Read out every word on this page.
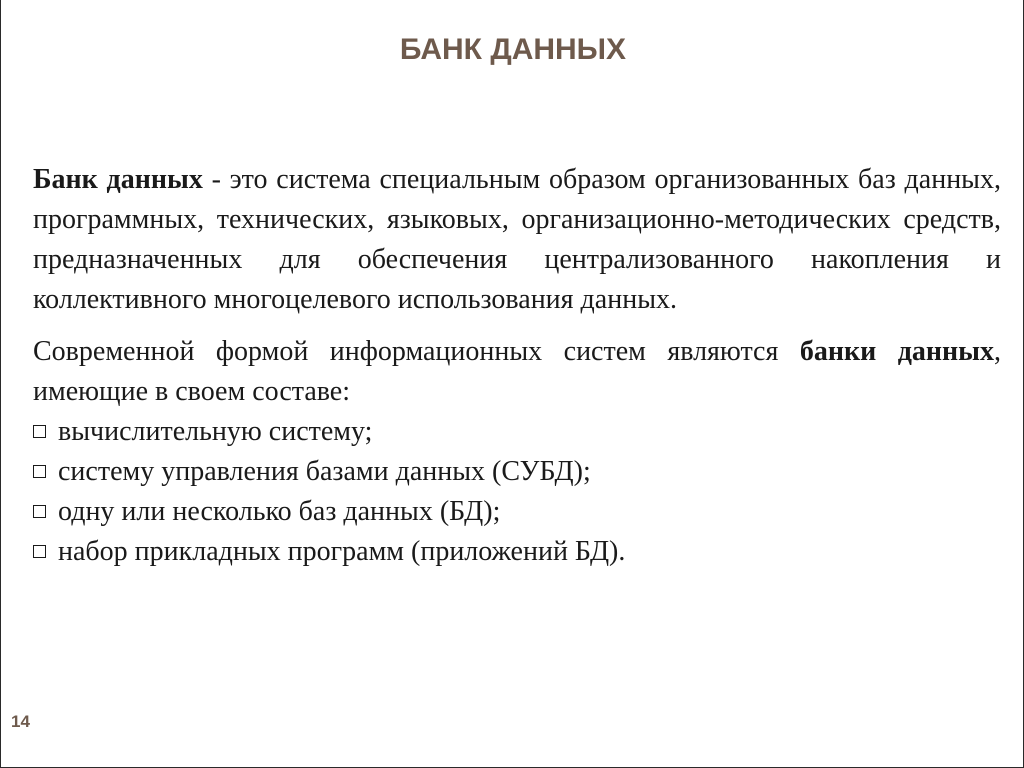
БАНК ДАННЫХ

Банк данных - это система специальным образом организованных баз данных, программных, технических, языковых, организационно-методических средств, предназначенных для обеспечения централизованного накопления и коллективного многоцелевого использования данных.

Современной формой информационных систем являются банки данных, имеющие в своем составе:

вычислительную систему;
систему управления базами данных (СУБД);
одну или несколько баз данных (БД);
набор прикладных программ (приложений БД).
14
